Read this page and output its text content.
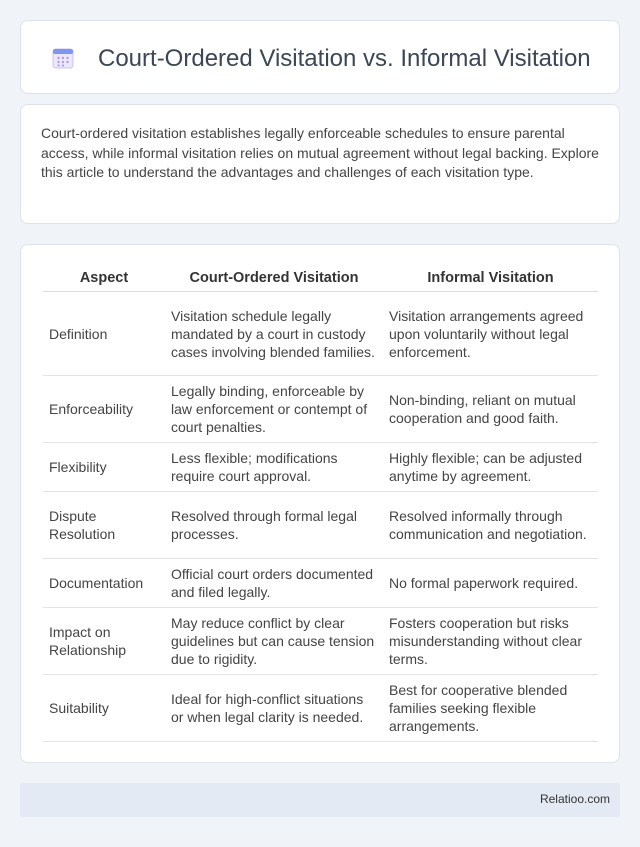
Court-Ordered Visitation vs. Informal Visitation

Court-ordered visitation establishes legally enforceable schedules to ensure parental access, while informal visitation relies on mutual agreement without legal backing. Explore this article to understand the advantages and challenges of each visitation type.

Aspect	Court-Ordered Visitation	Informal Visitation
Definition	Visitation schedule legally mandated by a court in custody cases involving blended families.	Visitation arrangements agreed upon voluntarily without legal enforcement.
Enforceability	Legally binding, enforceable by law enforcement or contempt of court penalties.	Non-binding, reliant on mutual cooperation and good faith.
Flexibility	Less flexible; modifications require court approval.	Highly flexible; can be adjusted anytime by agreement.
Dispute Resolution	Resolved through formal legal processes.	Resolved informally through communication and negotiation.
Documentation	Official court orders documented and filed legally.	No formal paperwork required.
Impact on Relationship	May reduce conflict by clear guidelines but can cause tension due to rigidity.	Fosters cooperation but risks misunderstanding without clear terms.
Suitability	Ideal for high-conflict situations or when legal clarity is needed.	Best for cooperative blended families seeking flexible arrangements.
Relatioo.com
